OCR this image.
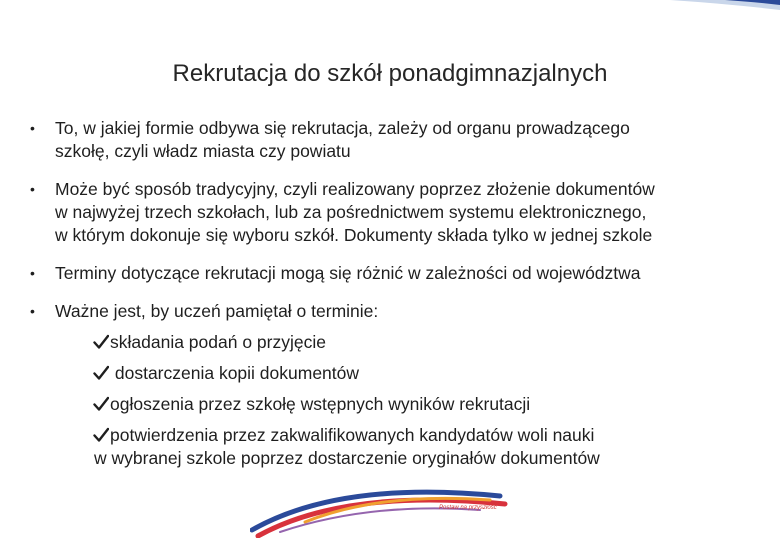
Rekrutacja do szkół ponadgimnazjalnych
• To, w jakiej formie odbywa się rekrutacja, zależy od organu prowadzącego
szkołę, czyli władz miasta czy powiatu
• Może być sposób tradycyjny, czyli realizowany poprzez złożenie dokumentów
w najwyżej trzech szkołach, lub za pośrednictwem systemu elektronicznego,
w którym dokonuje się wyboru szkół. Dokumenty składa tylko w jednej szkole
• Terminy dotyczące rekrutacji mogą się różnić w zależności od województwa
• Ważne jest, by uczeń pamiętał o terminie:
składania podań o przyjęcie
dostarczenia kopii dokumentów
ogłoszenia przez szkołę wstępnych wyników rekrutacji
potwierdzenia przez zakwalifikowanych kandydatów woli nauki
w wybranej szkole poprzez dostarczenie oryginałów dokumentów
Postaw na przyszłość
